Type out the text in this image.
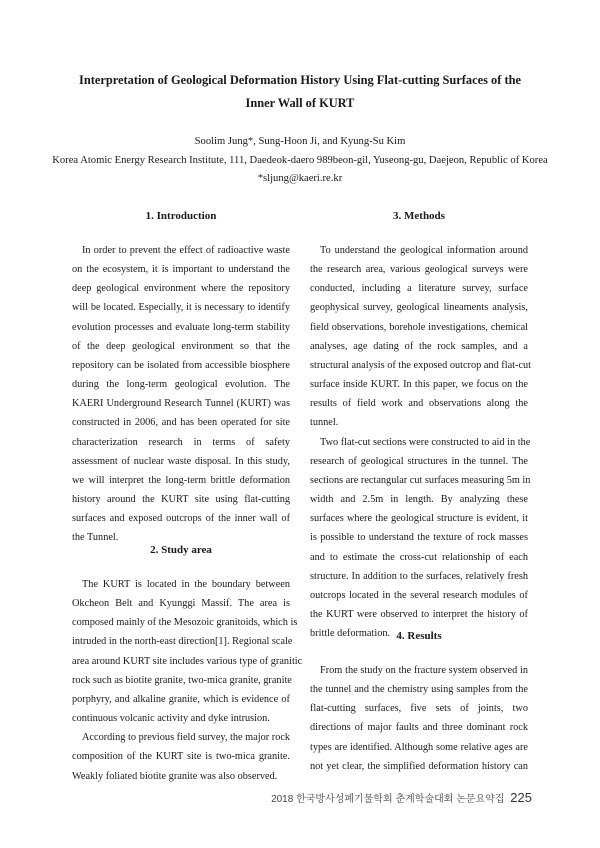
Interpretation of Geological Deformation History Using Flat-cutting Surfaces of the
Inner Wall of KURT
Soolim Jung*, Sung-Hoon Ji, and Kyung-Su Kim
Korea Atomic Energy Research Institute, 111, Daedeok-daero 989beon-gil, Yuseong-gu, Daejeon, Republic of Korea
*sljung@kaeri.re.kr
1. Introduction

In order to prevent the effect of radioactive waste
on the ecosystem, it is important to understand the
deep geological environment where the repository
will be located. Especially, it is necessary to identify
evolution processes and evaluate long-term stability
of the deep geological environment so that the
repository can be isolated from accessible biosphere
during the long-term geological evolution. The
KAERI Underground Research Tunnel (KURT) was
constructed in 2006, and has been operated for site
characterization research in terms of safety
assessment of nuclear waste disposal. In this study,
we will interpret the long-term brittle deformation
history around the KURT site using flat-cutting
surfaces and exposed outcrops of the inner wall of
the Tunnel.

2. Study area

The KURT is located in the boundary between
Okcheon Belt and Kyunggi Massif. The area is
composed mainly of the Mesozoic granitoids, which is
intruded in the north-east direction[1]. Regional scale
area around KURT site includes various type of granitic
rock such as biotite granite, two-mica granite, granite
porphyry, and alkaline granite, which is evidence of
continuous volcanic activity and dyke intrusion.

According to previous field survey, the major rock
composition of the KURT site is two-mica granite.
Weakly foliated biotite granite was also observed.

3. Methods

To understand the geological information around
the research area, various geological surveys were
conducted, including a literature survey, surface
geophysical survey, geological lineaments analysis,
field observations, borehole investigations, chemical
analyses, age dating of the rock samples, and a
structural analysis of the exposed outcrop and flat-cut
surface inside KURT. In this paper, we focus on the
results of field work and observations along the
tunnel.

Two flat-cut sections were constructed to aid in the
research of geological structures in the tunnel. The
sections are rectangular cut surfaces measuring 5m in
width and 2.5m in length. By analyzing these
surfaces where the geological structure is evident, it
is possible to understand the texture of rock masses
and to estimate the cross-cut relationship of each
structure. In addition to the surfaces, relatively fresh
outcrops located in the several research modules of
the KURT were observed to interpret the history of
brittle deformation. 4. Results

From the study on the fracture system observed in
the tunnel and the chemistry using samples from the
flat-cutting surfaces, five sets of joints, two
directions of major faults and three dominant rock
types are identified. Although some relative ages are
not yet clear, the simplified deformation history can

2018 한국방사성폐기물학회 춘계학술대회 논문요약집 225
